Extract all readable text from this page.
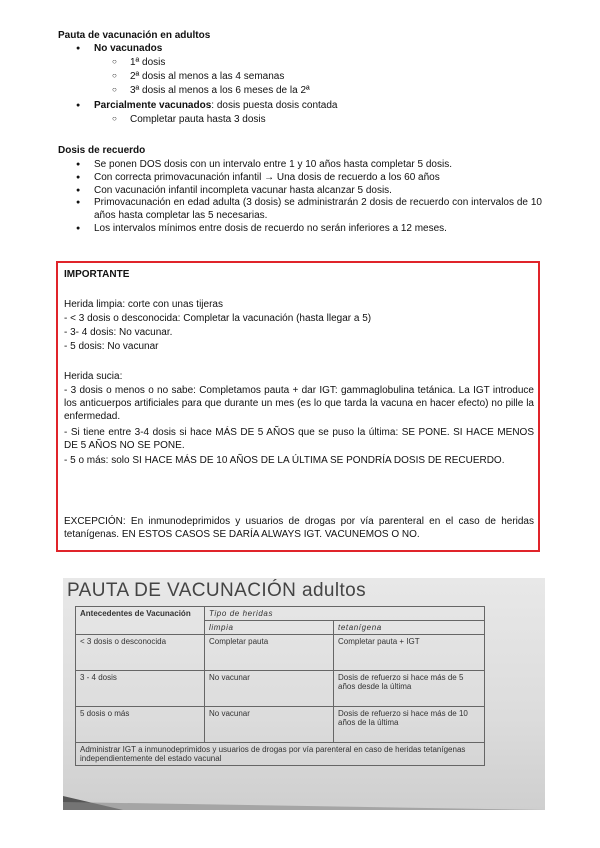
Pauta de vacunación en adultos
● No vacunados
○ 1ª dosis
○ 2ª dosis al menos a las 4 semanas
○ 3ª dosis al menos a los 6 meses de la 2ª
● Parcialmente vacunados: dosis puesta dosis contada
○ Completar pauta hasta 3 dosis
Dosis de recuerdo
● Se ponen DOS dosis con un intervalo entre 1 y 10 años hasta completar 5 dosis.
● Con correcta primovacunación infantil → Una dosis de recuerdo a los 60 años
● Con vacunación infantil incompleta vacunar hasta alcanzar 5 dosis.
● Primovacunación en edad adulta (3 dosis) se administrarán 2 dosis de recuerdo con intervalos de 10 años hasta completar las 5 necesarias.
● Los intervalos mínimos entre dosis de recuerdo no serán inferiores a 12 meses.
IMPORTANTE
Herida limpia: corte con unas tijeras
- < 3 dosis o desconocida: Completar la vacunación (hasta llegar a 5)
- 3- 4 dosis: No vacunar.
- 5 dosis: No vacunar
Herida sucia:
- 3 dosis o menos o no sabe: Completamos pauta + dar IGT: gammaglobulina tetánica. La IGT introduce los anticuerpos artificiales para que durante un mes (es lo que tarda la vacuna en hacer efecto) no pille la enfermedad.
- Si tiene entre 3-4 dosis si hace MÁS DE 5 AÑOS que se puso la última: SE PONE. SI HACE MENOS DE 5 AÑOS NO SE PONE.
- 5 o más: solo SI HACE MÁS DE 10 AÑOS DE LA ÚLTIMA SE PONDRÍA DOSIS DE RECUERDO.
EXCEPCIÓN: En inmunodeprimidos y usuarios de drogas por vía parenteral en el caso de heridas tetanígenas. EN ESTOS CASOS SE DARÍA ALWAYS IGT. VACUNEMOS O NO.
PAUTA DE VACUNACIÓN adultos
Antecedentes de Vacunación	Tipo de heridas	
	limpia	tetanígena
< 3 dosis o desconocida	Completar pauta	Completar pauta + IGT
3 - 4 dosis	No vacunar	Dosis de refuerzo si hace más de 5 años desde la última
5 dosis o más	No vacunar	Dosis de refuerzo si hace más de 10 años de la última
Administrar IGT a inmunodeprimidos y usuarios de drogas por vía parenteral en caso de heridas tetanígenas independientemente del estado vacunal		
